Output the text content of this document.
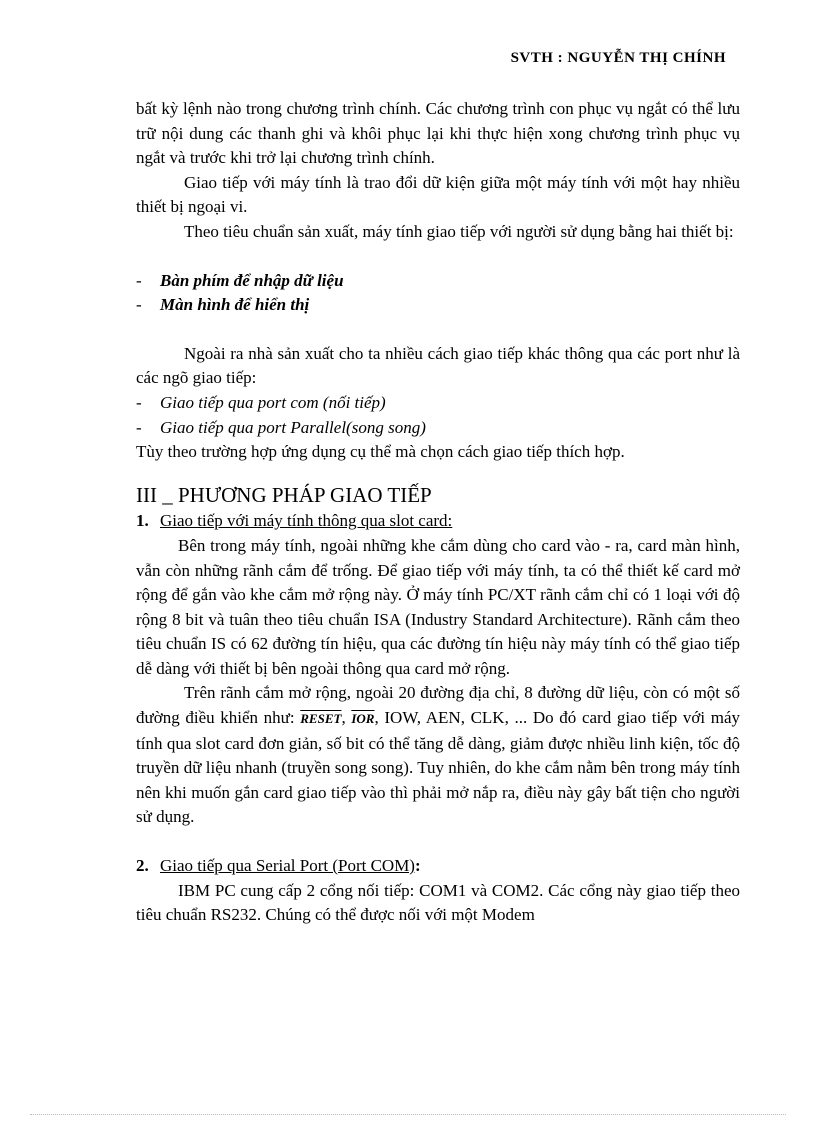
SVTH : NGUYỄN THỊ CHÍNH

bất kỳ lệnh nào trong chương trình chính. Các chương trình con phục vụ ngắt có thể lưu trữ nội dung các thanh ghi và khôi phục lại khi thực hiện xong chương trình phục vụ ngắt và trước khi trở lại chương trình chính.

Giao tiếp với máy tính là trao đổi dữ kiện giữa một máy tính với một hay nhiều thiết bị ngoại vi.

Theo tiêu chuẩn sản xuất, máy tính giao tiếp với người sử dụng bằng hai thiết bị:

-	Bàn phím để nhập dữ liệu
-	Màn hình để hiển thị

Ngoài ra nhà sản xuất cho ta nhiều cách giao tiếp khác thông qua các port như là các ngõ giao tiếp:

-	Giao tiếp qua port com (nối tiếp)
-	Giao tiếp qua port Parallel(song song)

Tùy theo trường hợp ứng dụng cụ thể mà chọn cách giao tiếp thích hợp.

III _ PHƯƠNG PHÁP GIAO TIẾP
1. Giao tiếp với máy tính thông qua slot card:

Bên trong máy tính, ngoài những khe cắm dùng cho card vào - ra, card màn hình, vẫn còn những rãnh cắm để trống. Để giao tiếp với máy tính, ta có thể thiết kế card mở rộng để gắn vào khe cắm mở rộng này. Ở máy tính PC/XT rãnh cắm chỉ có 1 loại với độ rộng 8 bit và tuân theo tiêu chuẩn ISA (Industry Standard Architecture). Rãnh cắm theo tiêu chuẩn IS có 62 đường tín hiệu, qua các đường tín hiệu này máy tính có thể giao tiếp dễ dàng với thiết bị bên ngoài thông qua card mở rộng.

Trên rãnh cắm mở rộng, ngoài 20 đường địa chỉ, 8 đường dữ liệu, còn có một số đường điều khiển như: RESET, $\overline{IOR}$, IOW, AEN, CLK, ... Do đó card giao tiếp với máy tính qua slot card đơn giản, số bit có thể tăng dễ dàng, giảm được nhiều linh kiện, tốc độ truyền dữ liệu nhanh (truyền song song). Tuy nhiên, do khe cắm nằm bên trong máy tính nên khi muốn gắn card giao tiếp vào thì phải mở nắp ra, điều này gây bất tiện cho người sử dụng.

2. Giao tiếp qua Serial Port (Port COM) :

IBM PC cung cấp 2 cổng nối tiếp: COM1 và COM2. Các cổng này giao tiếp theo tiêu chuẩn RS232. Chúng có thể được nối với một Modem
